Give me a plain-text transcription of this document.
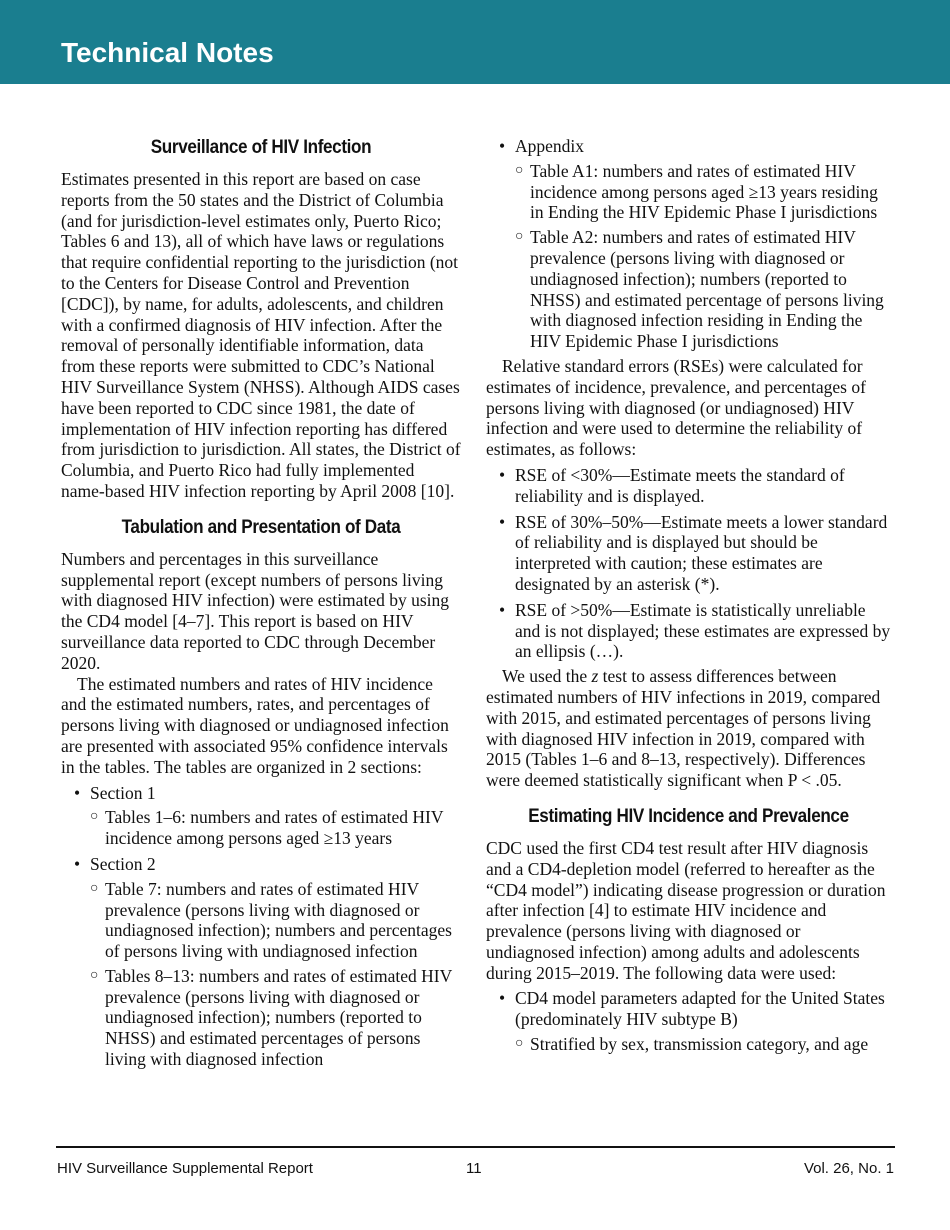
Technical Notes
Surveillance of HIV Infection

Estimates presented in this report are based on case reports from the 50 states and the District of Columbia (and for jurisdiction-level estimates only, Puerto Rico; Tables 6 and 13), all of which have laws or regulations that require confidential reporting to the jurisdiction (not to the Centers for Disease Control and Prevention [CDC]), by name, for adults, adolescents, and children with a confirmed diagnosis of HIV infection. After the removal of personally identifiable information, data from these reports were submitted to CDC’s National HIV Surveillance System (NHSS). Although AIDS cases have been reported to CDC since 1981, the date of implementation of HIV infection reporting has differed from jurisdiction to jurisdiction. All states, the District of Columbia, and Puerto Rico had fully implemented name-based HIV infection reporting by April 2008 [10].

Tabulation and Presentation of Data

Numbers and percentages in this surveillance supplemental report (except numbers of persons living with diagnosed HIV infection) were estimated by using the CD4 model [4–7]. This report is based on HIV surveillance data reported to CDC through December 2020.

The estimated numbers and rates of HIV incidence and the estimated numbers, rates, and percentages of persons living with diagnosed or undiagnosed infection are presented with associated 95% confidence intervals in the tables. The tables are organized in 2 sections:

• Section 1
○ Tables 1–6: numbers and rates of estimated HIV incidence among persons aged ≥13 years
• Section 2
○ Table 7: numbers and rates of estimated HIV prevalence (persons living with diagnosed or undiagnosed infection); numbers and percentages of persons living with undiagnosed infection
○ Tables 8–13: numbers and rates of estimated HIV prevalence (persons living with diagnosed or undiagnosed infection); numbers (reported to NHSS) and estimated percentages of persons living with diagnosed infection
• Appendix
○ Table A1: numbers and rates of estimated HIV incidence among persons aged ≥13 years residing in Ending the HIV Epidemic Phase I jurisdictions
○ Table A2: numbers and rates of estimated HIV prevalence (persons living with diagnosed or undiagnosed infection); numbers (reported to NHSS) and estimated percentage of persons living with diagnosed infection residing in Ending the HIV Epidemic Phase I jurisdictions

Relative standard errors (RSEs) were calculated for estimates of incidence, prevalence, and percentages of persons living with diagnosed (or undiagnosed) HIV infection and were used to determine the reliability of estimates, as follows:

• RSE of <30%—Estimate meets the standard of reliability and is displayed.
• RSE of 30%–50%—Estimate meets a lower standard of reliability and is displayed but should be interpreted with caution; these estimates are designated by an asterisk (*).
• RSE of >50%—Estimate is statistically unreliable and is not displayed; these estimates are expressed by an ellipsis (…).

We used the z test to assess differences between estimated numbers of HIV infections in 2019, compared with 2015, and estimated percentages of persons living with diagnosed HIV infection in 2019, compared with 2015 (Tables 1–6 and 8–13, respectively). Differences were deemed statistically significant when P < .05.

Estimating HIV Incidence and Prevalence

CDC used the first CD4 test result after HIV diagnosis and a CD4-depletion model (referred to hereafter as the “CD4 model”) indicating disease progression or duration after infection [4] to estimate HIV incidence and prevalence (persons living with diagnosed or undiagnosed infection) among adults and adolescents during 2015–2019. The following data were used:

• CD4 model parameters adapted for the United States (predominately HIV subtype B)
○ Stratified by sex, transmission category, and age
HIV Surveillance Supplemental Report	11	Vol. 26, No. 1
